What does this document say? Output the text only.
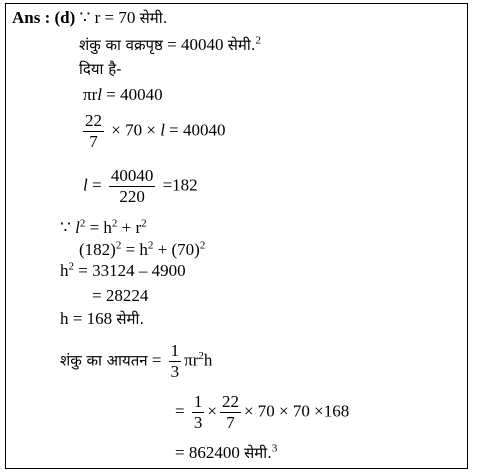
Ans : (d) ∵ r = 70 सेमी.
शंकु का वक्रपृष्ठ = 40040 सेमी.$^2$
दिया है-
πrl = 40040
$\frac{22}{7} \times 70 \times l = 40040$
$l = \frac{40040}{220} =182$
∵ $l^2 = h^2 + r^2$
$(182)^2 = h^2 + (70)^2$
$h^2 = 33124 - 4900$
= 28224
h = 168 सेमी.
शंकु का आयतन = $\frac{1}{3} \pi r^2h$
= $\frac{1}{3} \times \frac{22}{7} \times 70 \times 70 \times 168$
= 862400 सेमी.$^3$
